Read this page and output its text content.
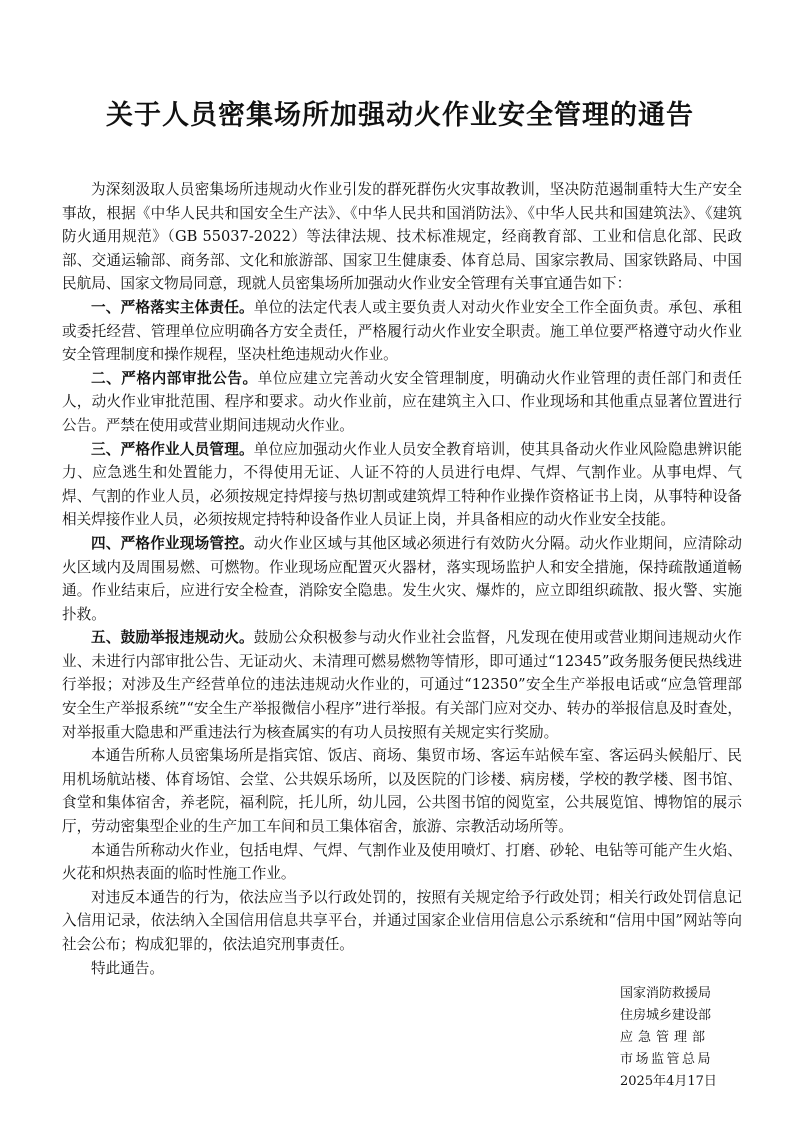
关于人员密集场所加强动火作业安全管理的通告

为深刻汲取人员密集场所违规动火作业引发的群死群伤火灾事故教训，坚决防范遏制重特大生产安全事故，根据《中华人民共和国安全生产法》、《中华人民共和国消防法》、《中华人民共和国建筑法》、《建筑防火通用规范》（GB 55037-2022）等法律法规、技术标准规定，经商教育部、工业和信息化部、民政部、交通运输部、商务部、文化和旅游部、国家卫生健康委、体育总局、国家宗教局、国家铁路局、中国民航局、国家文物局同意，现就人员密集场所加强动火作业安全管理有关事宜通告如下：

一、严格落实主体责任。单位的法定代表人或主要负责人对动火作业安全工作全面负责。承包、承租或委托经营、管理单位应明确各方安全责任，严格履行动火作业安全职责。施工单位要严格遵守动火作业安全管理制度和操作规程，坚决杜绝违规动火作业。

二、严格内部审批公告。单位应建立完善动火安全管理制度，明确动火作业管理的责任部门和责任人，动火作业审批范围、程序和要求。动火作业前，应在建筑主入口、作业现场和其他重点显著位置进行公告。严禁在使用或营业期间违规动火作业。

三、严格作业人员管理。单位应加强动火作业人员安全教育培训，使其具备动火作业风险隐患辨识能力、应急逃生和处置能力，不得使用无证、人证不符的人员进行电焊、气焊、气割作业。从事电焊、气焊、气割的作业人员，必须按规定持焊接与热切割或建筑焊工特种作业操作资格证书上岗，从事特种设备相关焊接作业人员，必须按规定持特种设备作业人员证上岗，并具备相应的动火作业安全技能。

四、严格作业现场管控。动火作业区域与其他区域必须进行有效防火分隔。动火作业期间，应清除动火区域内及周围易燃、可燃物。作业现场应配置灭火器材，落实现场监护人和安全措施，保持疏散通道畅通。作业结束后，应进行安全检查，消除安全隐患。发生火灾、爆炸的，应立即组织疏散、报火警、实施扑救。

五、鼓励举报违规动火。鼓励公众积极参与动火作业社会监督，凡发现在使用或营业期间违规动火作业、未进行内部审批公告、无证动火、未清理可燃易燃物等情形，即可通过“12345”政务服务便民热线进行举报；对涉及生产经营单位的违法违规动火作业的，可通过“12350”安全生产举报电话或“应急管理部安全生产举报系统”“安全生产举报微信小程序”进行举报。有关部门应对交办、转办的举报信息及时查处，对举报重大隐患和严重违法行为核查属实的有功人员按照有关规定实行奖励。

本通告所称人员密集场所是指宾馆、饭店、商场、集贸市场、客运车站候车室、客运码头候船厅、民用机场航站楼、体育场馆、会堂、公共娱乐场所，以及医院的门诊楼、病房楼，学校的教学楼、图书馆、食堂和集体宿舍，养老院，福利院，托儿所，幼儿园，公共图书馆的阅览室，公共展览馆、博物馆的展示厅，劳动密集型企业的生产加工车间和员工集体宿舍，旅游、宗教活动场所等。

本通告所称动火作业，包括电焊、气焊、气割作业及使用喷灯、打磨、砂轮、电钻等可能产生火焰、火花和炽热表面的临时性施工作业。

对违反本通告的行为，依法应当予以行政处罚的，按照有关规定给予行政处罚；相关行政处罚信息记入信用记录，依法纳入全国信用信息共享平台，并通过国家企业信用信息公示系统和“信用中国”网站等向社会公布；构成犯罪的，依法追究刑事责任。

特此通告。

国家消防救援局
住房城乡建设部
应急管理部
市场监管总局
2025年4月17日
